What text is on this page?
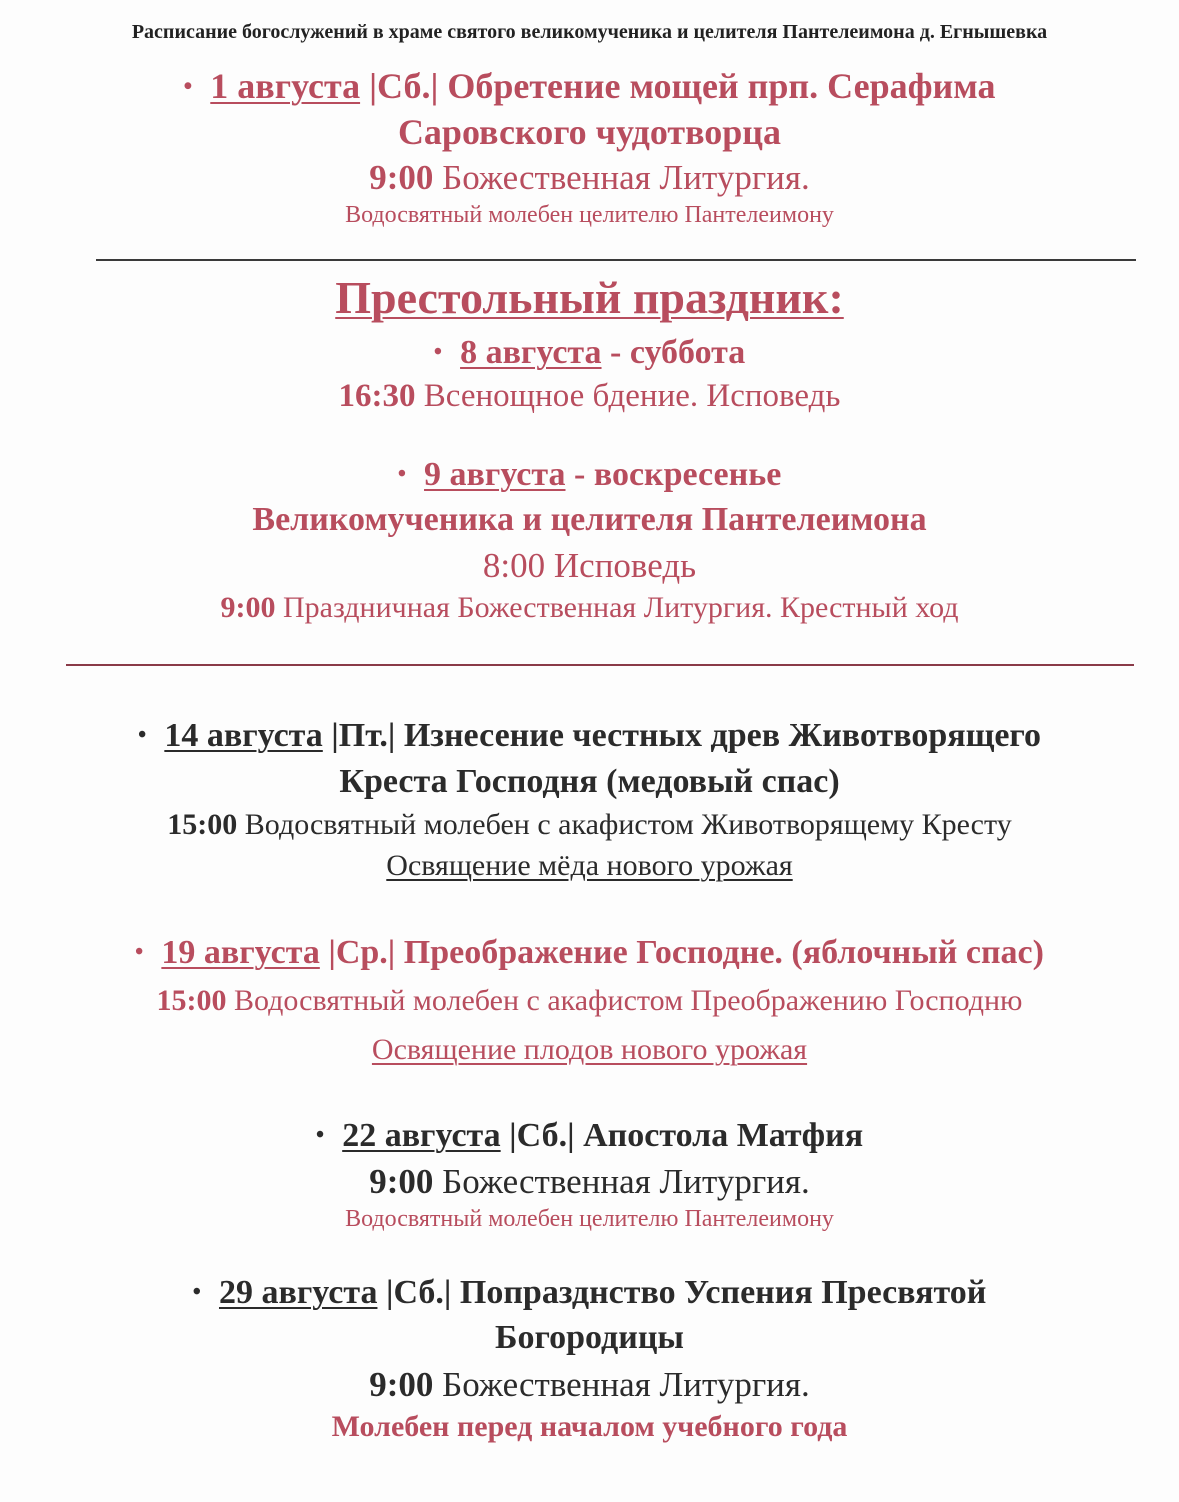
Расписание богослужений в храме святого великомученика и целителя Пантелеимона д. Егнышевка
• 1 августа |Сб.| Обретение мощей прп. Серафима
Саровского чудотворца
9:00 Божественная Литургия.
Водосвятный молебен целителю Пантелеимону
Престольный праздник:
• 8 августа - суббота
16:30 Всенощное бдение. Исповедь
• 9 августа - воскресенье
Великомученика и целителя Пантелеимона
8:00 Исповедь
9:00 Праздничная Божественная Литургия. Крестный ход
• 14 августа |Пт.| Изнесение честных древ Животворящего
Креста Господня (медовый спас)
15:00 Водосвятный молебен с акафистом Животворящему Кресту
Освящение мёда нового урожая
• 19 августа |Ср.| Преображение Господне. (яблочный спас)
15:00 Водосвятный молебен с акафистом Преображению Господню
Освящение плодов нового урожая
• 22 августа |Сб.| Апостола Матфия
9:00 Божественная Литургия.
Водосвятный молебен целителю Пантелеимону
• 29 августа |Сб.| Попразднство Успения Пресвятой
Богородицы
9:00 Божественная Литургия.
Молебен перед началом учебного года
